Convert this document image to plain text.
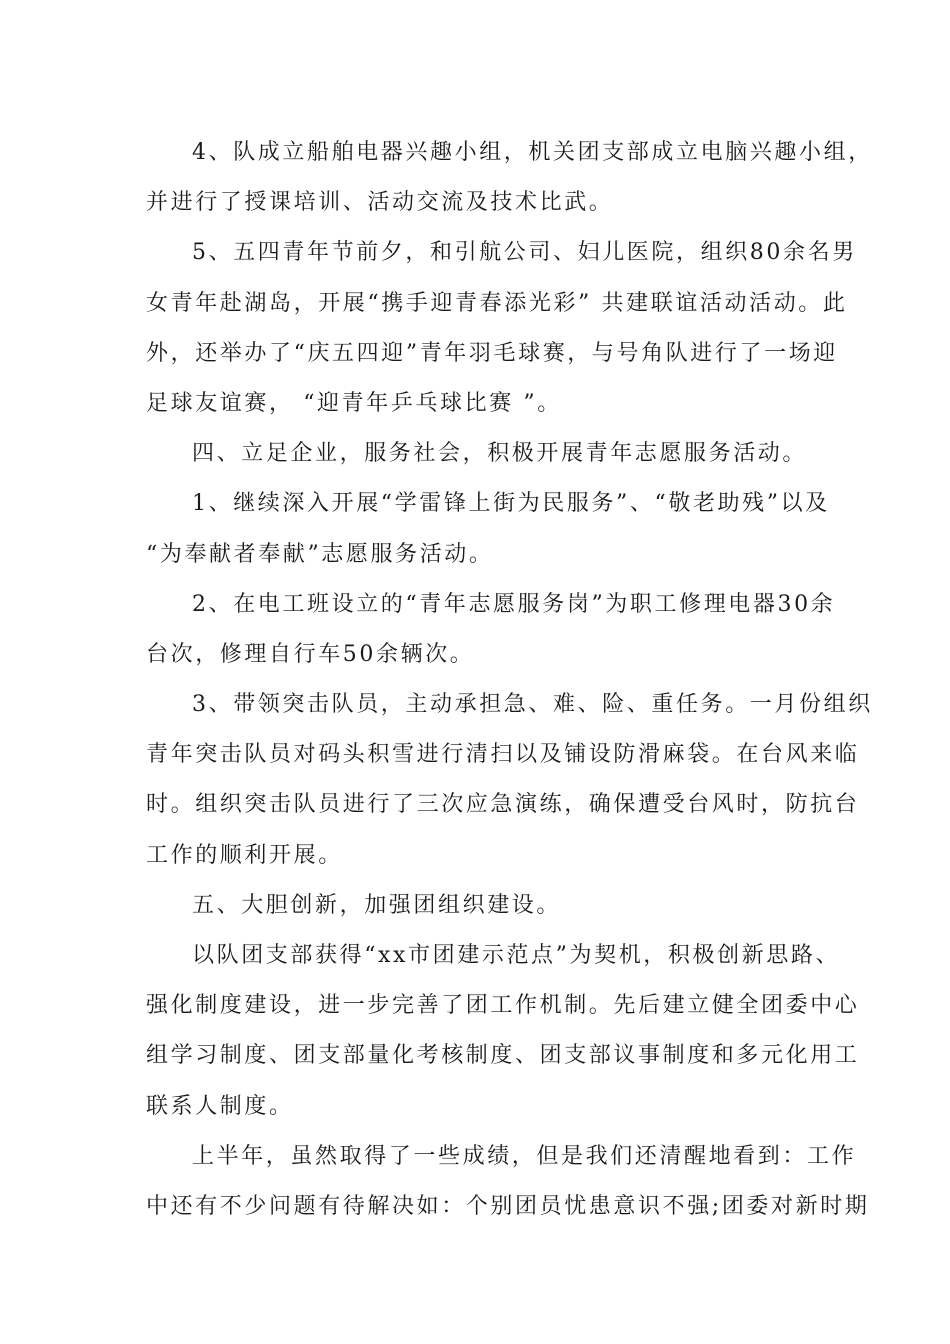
4、队成立船舶电器兴趣小组，机关团支部成立电脑兴趣小组，
并进行了授课培训、活动交流及技术比武。
5、五四青年节前夕，和引航公司、妇儿医院，组织80余名男
女青年赴湖岛，开展“携手迎青春添光彩” 共建联谊活动活动。此
外，还举办了“庆五四迎”青年羽毛球赛，与号角队进行了一场迎
足球友谊赛， “迎青年乒乓球比赛 ”。
四、立足企业，服务社会，积极开展青年志愿服务活动。
1、继续深入开展“学雷锋上街为民服务”、“敬老助残”以及
“为奉献者奉献”志愿服务活动。
2、在电工班设立的“青年志愿服务岗”为职工修理电器30余
台次，修理自行车50余辆次。
3、带领突击队员，主动承担急、难、险、重任务。一月份组织
青年突击队员对码头积雪进行清扫以及铺设防滑麻袋。在台风来临
时。组织突击队员进行了三次应急演练，确保遭受台风时，防抗台
工作的顺利开展。
五、大胆创新，加强团组织建设。
以队团支部获得“xx市团建示范点”为契机，积极创新思路、
强化制度建设，进一步完善了团工作机制。先后建立健全团委中心
组学习制度、团支部量化考核制度、团支部议事制度和多元化用工
联系人制度。
上半年，虽然取得了一些成绩，但是我们还清醒地看到：工作
中还有不少问题有待解决如：个别团员忧患意识不强;团委对新时期
